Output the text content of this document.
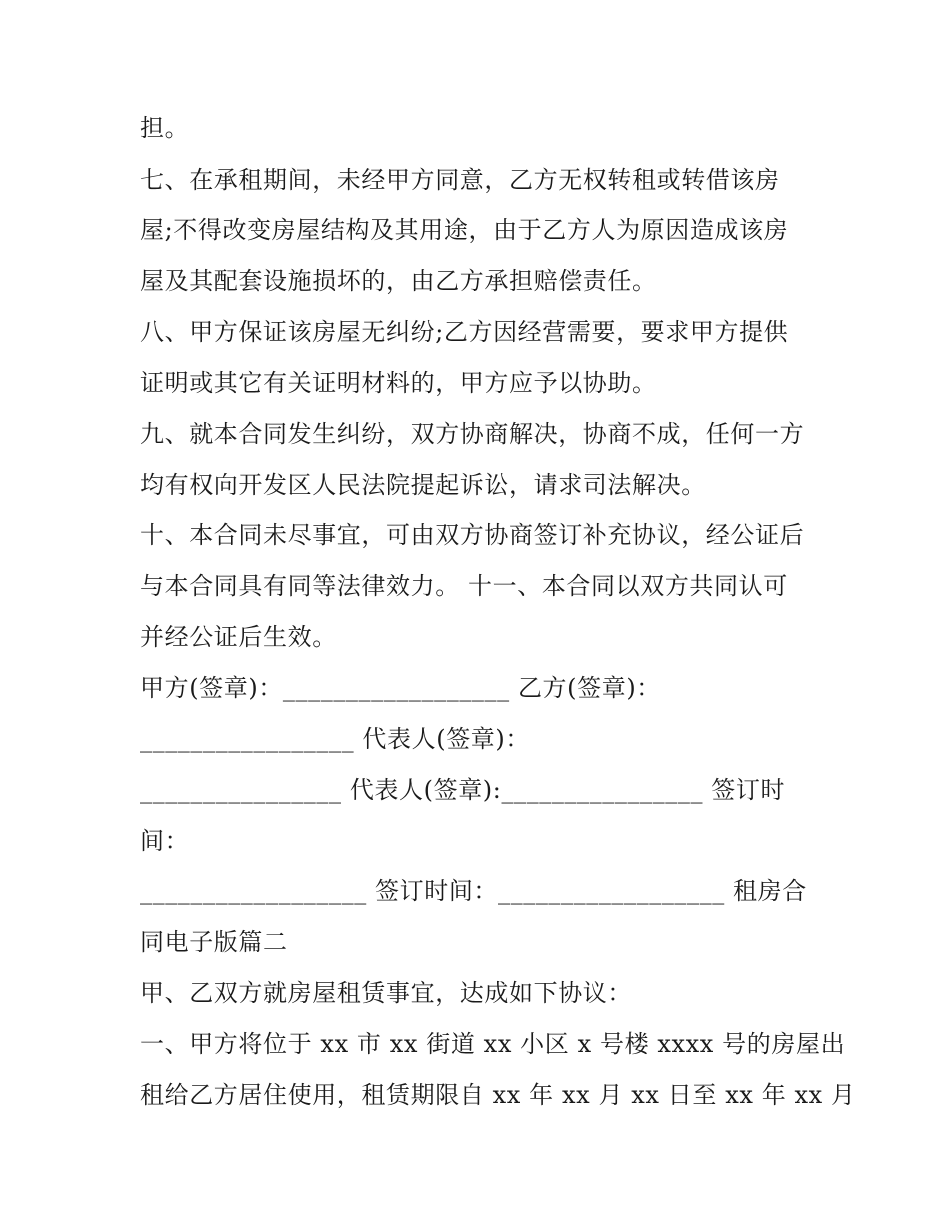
担。
七、在承租期间，未经甲方同意，乙方无权转租或转借该房
屋;不得改变房屋结构及其用途，由于乙方人为原因造成该房
屋及其配套设施损坏的，由乙方承担赔偿责任。
八、甲方保证该房屋无纠纷;乙方因经营需要，要求甲方提供
证明或其它有关证明材料的，甲方应予以协助。
九、就本合同发生纠纷，双方协商解决，协商不成，任何一方
均有权向开发区人民法院提起诉讼，请求司法解决。
十、本合同未尽事宜，可由双方协商签订补充协议，经公证后
与本合同具有同等法律效力。 十一、本合同以双方共同认可
并经公证后生效。
甲方(签章)：__________________ 乙方(签章)：
_________________ 代表人(签章)：
________________ 代表人(签章):________________ 签订时
间：
__________________ 签订时间：__________________ 租房合
同电子版篇二
甲、乙双方就房屋租赁事宜，达成如下协议：
一、甲方将位于 xx 市 xx 街道 xx 小区 x 号楼 xxxx 号的房屋出
租给乙方居住使用，租赁期限自 xx 年 xx 月 xx 日至 xx 年 xx 月
